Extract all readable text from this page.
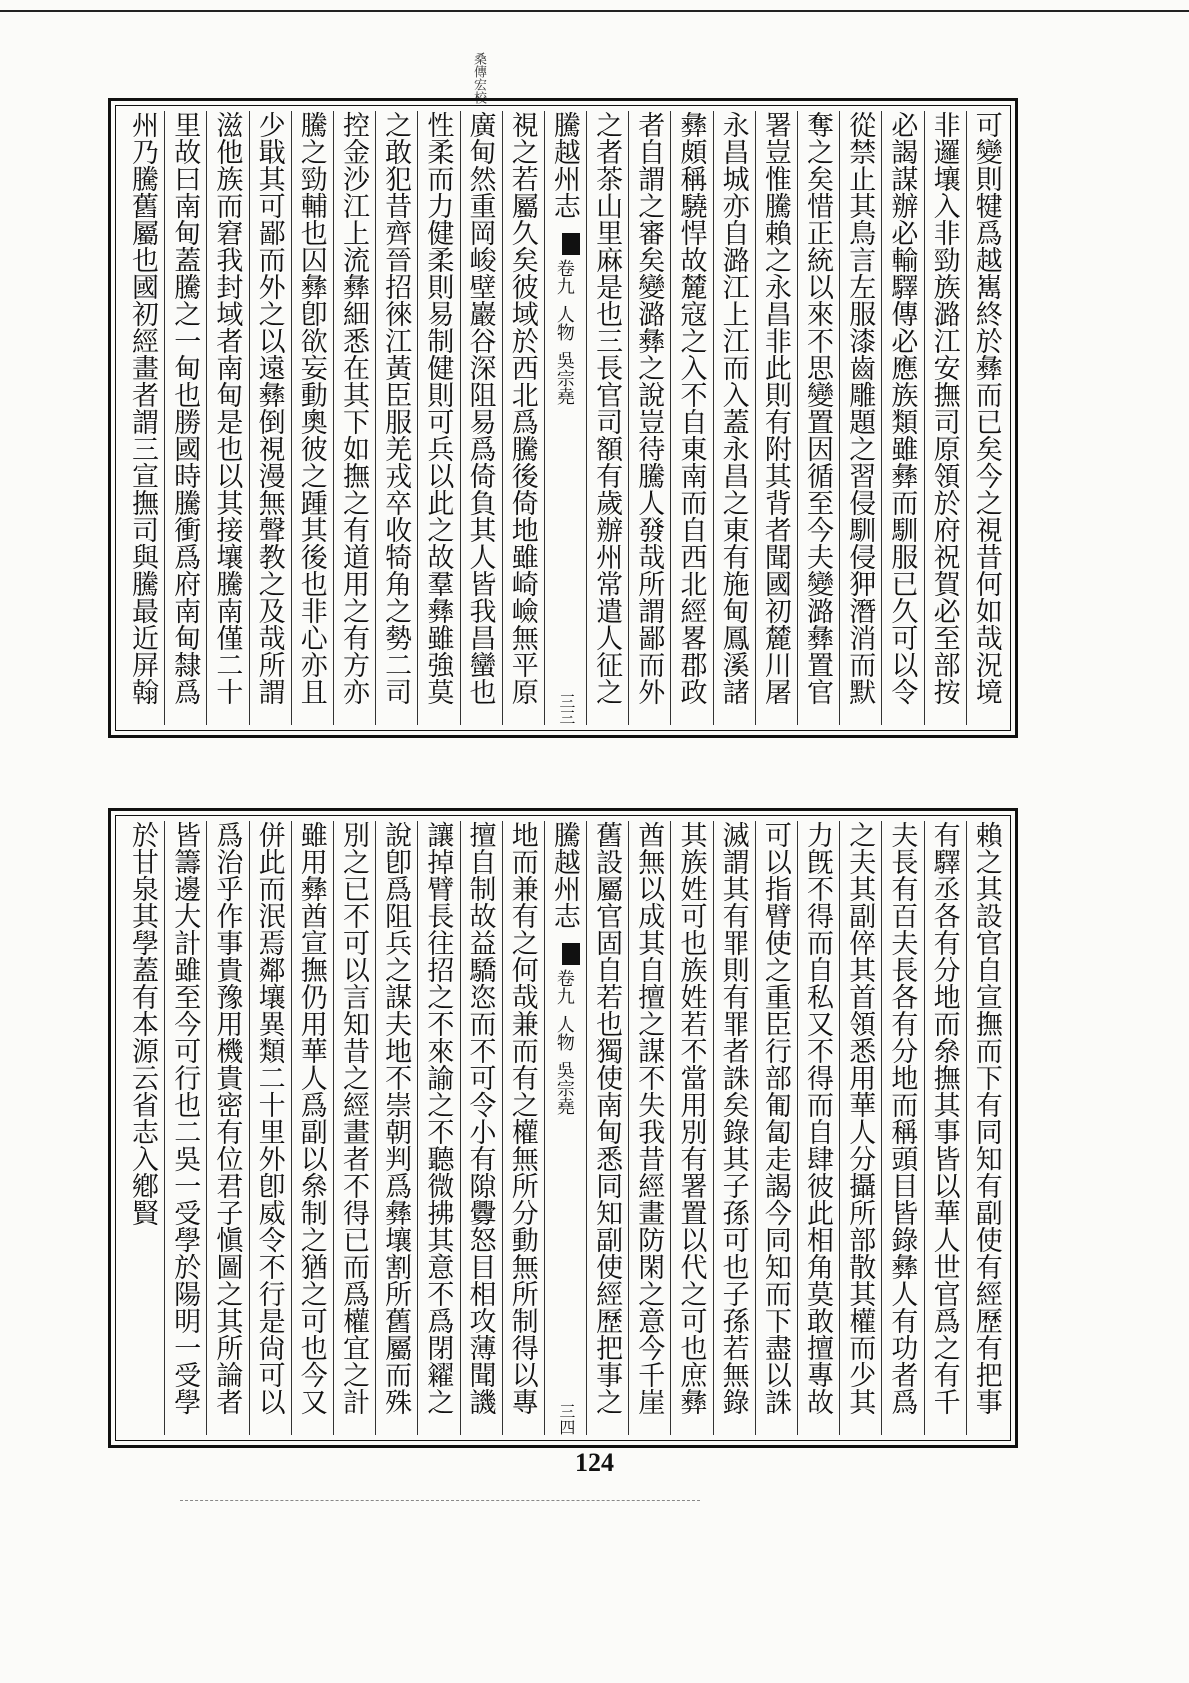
桑傳宏校
可變則犍爲越嶲終於彝而已矣今之視昔何如哉況境
非邏壤入非勁族潞江安撫司原領於府祝賀必至部按
必謁謀辦必輸驛傳必應族類雖彝而馴服已久可以令
從禁止其鳥言左服漆齒雕題之習侵馴侵狎潛消而默
奪之矣惜正統以來不思變置因循至今夫變潞彝置官
署豈惟騰賴之永昌非此則有附其背者聞國初麓川屠
永昌城亦自潞江上江而入蓋永昌之東有施甸鳳溪諸
彝頗稱驍悍故麓寇之入不自東南而自西北經畧郡政
者自謂之審矣變潞彝之說豈待騰人發哉所謂鄙而外
之者茶山里麻是也三長官司額有歲辦州常遣人征之
騰越州志卷九人物吳宗堯
三三
視之若屬久矣彼域於西北爲騰後倚地雖崎嶮無平原
廣甸然重岡峻壁巖谷深阻易爲倚負其人皆我昌蠻也
性柔而力健柔則易制健則可兵以此之故羣彝雖強莫
之敢犯昔齊晉招徠江黃臣服羌戎卒收犄角之勢二司
控金沙江上流彝細悉在其下如撫之有道用之有方亦
騰之勁輔也囚彝卽欲妄動奧彼之踵其後也非心亦且
少戢其可鄙而外之以遠彝倒視漫無聲教之及哉所謂
滋他族而窘我封域者南甸是也以其接壤騰南僅二十
里故曰南甸蓋騰之一甸也勝國時騰衝爲府南甸隸爲
州乃騰舊屬也國初經畫者謂三宣撫司與騰最近屏翰
賴之其設官自宣撫而下有同知有副使有經歷有把事
有驛丞各有分地而㕘撫其事皆以華人世官爲之有千
夫長有百夫長各有分地而稱頭目皆錄彝人有功者爲
之夫其副倅其首領悉用華人分攝所部散其權而少其
力旣不得而自私又不得而自肆彼此相角莫敢擅專故
可以指臂使之重臣行部匍匐走謁今同知而下盡以誅
滅謂其有罪則有罪者誅矣錄其子孫可也子孫若無錄
其族姓可也族姓若不當用別有署置以代之可也庶彝
酋無以成其自擅之謀不失我昔經畫防閑之意今千崖
舊設屬官固自若也獨使南甸悉同知副使經歷把事之
騰越州志卷九人物吳宗堯
三四
地而兼有之何哉兼而有之權無所分動無所制得以專
擅自制故益驕恣而不可令小有隙釁怒目相攻薄聞譏
讓掉臂長往招之不來諭之不聽微拂其意不爲閉糴之
說卽爲阻兵之謀夫地不崇朝判爲彝壤割所舊屬而殊
別之已不可以言知昔之經畫者不得已而爲權宜之計
雖用彝酋宣撫仍用華人爲副以㕘制之猶之可也今又
併此而泯焉鄰壤異類二十里外卽威令不行是尙可以
爲治乎作事貴豫用機貴密有位君子愼圖之其所論者
皆籌邊大計雖至今可行也二吳一受學於陽明一受學
於甘泉其學蓋有本源云省志入鄕賢
124
